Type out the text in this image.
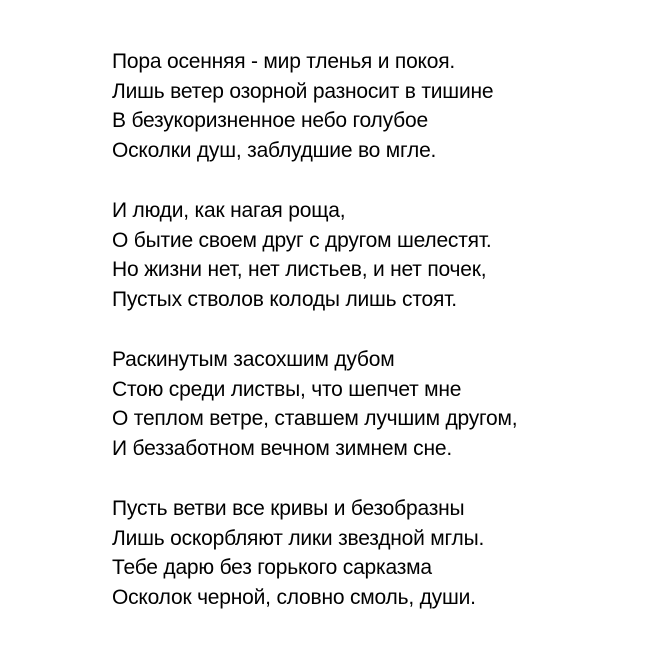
Пора осенняя - мир тленья и покоя.
Лишь ветер озорной разносит в тишине
В безукоризненное небо голубое
Осколки душ, заблудшие во мгле.
И люди, как нагая роща,
О бытие своем друг с другом шелестят.
Но жизни нет, нет листьев, и нет почек,
Пустых стволов колоды лишь стоят.
Раскинутым засохшим дубом
Стою среди листвы, что шепчет мне
О теплом ветре, ставшем лучшим другом,
И беззаботном вечном зимнем сне.
Пусть ветви все кривы и безобразны
Лишь оскорбляют лики звездной мглы.
Тебе дарю без горького сарказма
Осколок черной, словно смоль, души.
